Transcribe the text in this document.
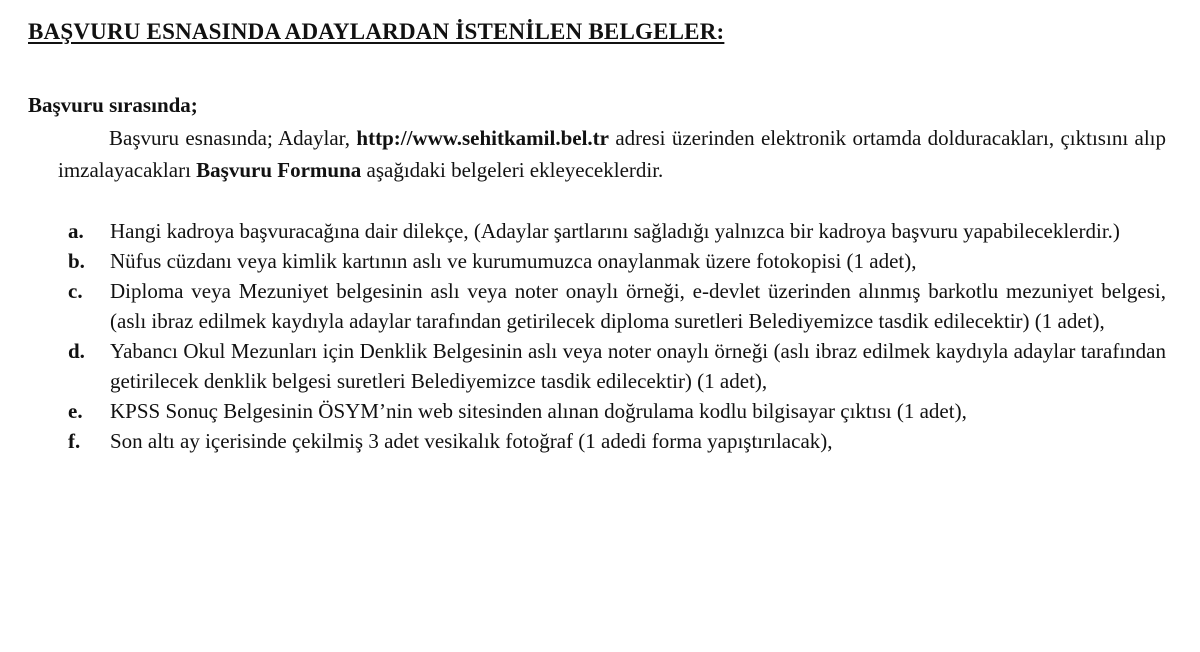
BAŞVURU ESNASINDA ADAYLARDAN İSTENİLEN BELGELER:
Başvuru sırasında;

Başvuru esnasında; Adaylar, http://www.sehitkamil.bel.tr adresi üzerinden elektronik ortamda dolduracakları, çıktısını alıp imzalayacakları Başvuru Formuna aşağıdaki belgeleri ekleyeceklerdir.

a. Hangi kadroya başvuracağına dair dilekçe, (Adaylar şartlarını sağladığı yalnızca bir kadroya başvuru yapabileceklerdir.)
b. Nüfus cüzdanı veya kimlik kartının aslı ve kurumumuzca onaylanmak üzere fotokopisi (1 adet),
c. Diploma veya Mezuniyet belgesinin aslı veya noter onaylı örneği, e-devlet üzerinden alınmış barkotlu mezuniyet belgesi, (aslı ibraz edilmek kaydıyla adaylar tarafından getirilecek diploma suretleri Belediyemizce tasdik edilecektir) (1 adet),
d. Yabancı Okul Mezunları için Denklik Belgesinin aslı veya noter onaylı örneği (aslı ibraz edilmek kaydıyla adaylar tarafından getirilecek denklik belgesi suretleri Belediyemizce tasdik edilecektir) (1 adet),
e. KPSS Sonuç Belgesinin ÖSYM’nin web sitesinden alınan doğrulama kodlu bilgisayar çıktısı (1 adet),
f. Son altı ay içerisinde çekilmiş 3 adet vesikalık fotoğraf (1 adedi forma yapıştırılacak),
